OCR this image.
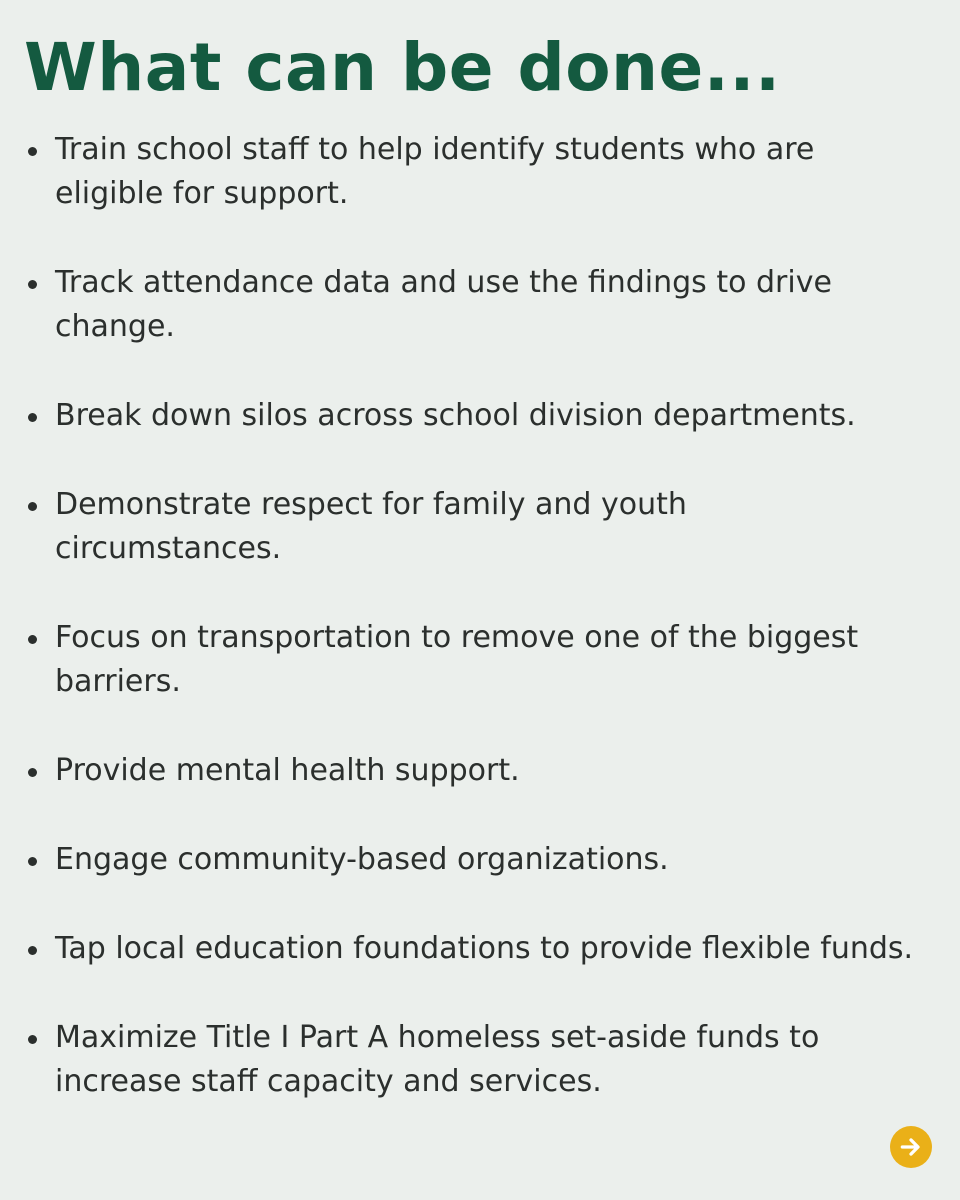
What can be done...
Train school staff to help identify students who are eligible for support.
Track attendance data and use the findings to drive change.
Break down silos across school division departments.
Demonstrate respect for family and youth circumstances.
Focus on transportation to remove one of the biggest barriers.
Provide mental health support.
Engage community-based organizations.
Tap local education foundations to provide flexible funds.
Maximize Title I Part A homeless set-aside funds to increase staff capacity and services.
